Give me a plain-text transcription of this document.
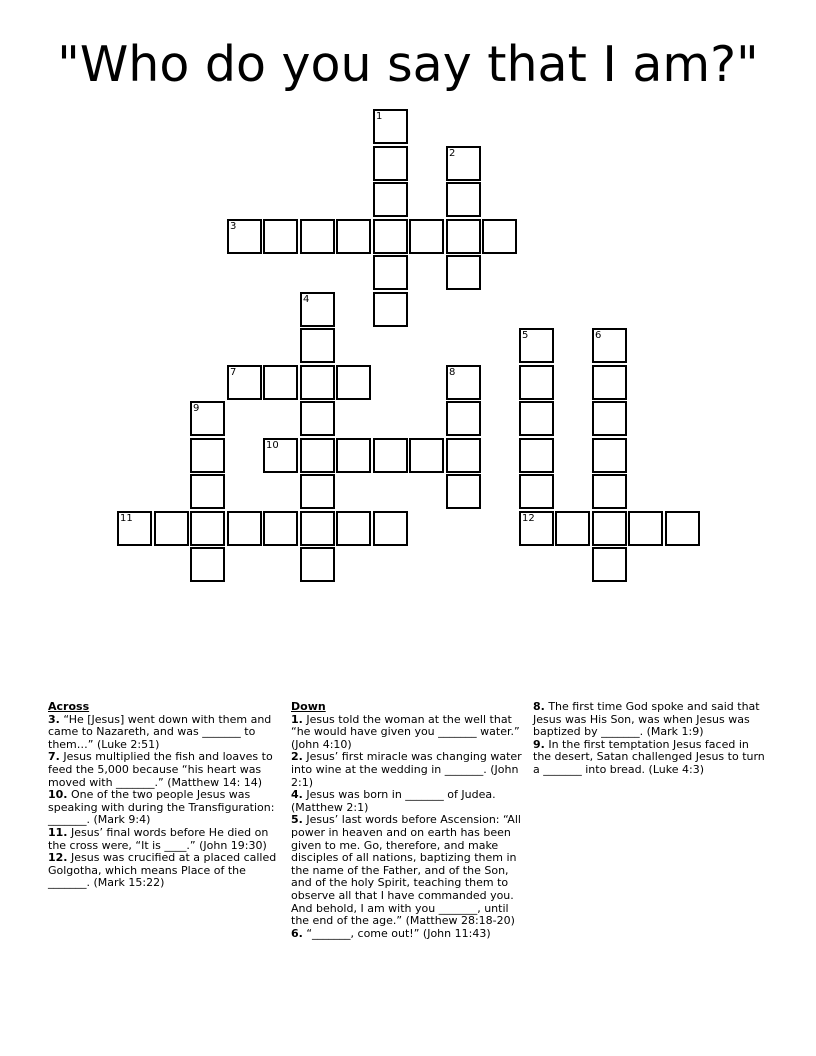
"Who do you say that I am?"
1
2
3
4
5	6
7	8
9
10
11	12

Across

3. “He [Jesus] went down with them and came to Nazareth, and was _______ to them…” (Luke 2:51)

7. Jesus multiplied the fish and loaves to feed the 5,000 because “his heart was moved with _______.” (Matthew 14: 14)

10. One of the two people Jesus was speaking with during the Transfiguration: _______. (Mark 9:4)

11. Jesus’ final words before He died on the cross were, “It is ____.” (John 19:30)

12. Jesus was crucified at a placed called Golgotha, which means Place of the _______. (Mark 15:22)

Down

1. Jesus told the woman at the well that “he would have given you _______ water.” (John 4:10)

2. Jesus’ first miracle was changing water into wine at the wedding in _______. (John 2:1)

4. Jesus was born in _______ of Judea. (Matthew 2:1)

5. Jesus’ last words before Ascension: “All power in heaven and on earth has been given to me. Go, therefore, and make disciples of all nations, baptizing them in the name of the Father, and of the Son, and of the holy Spirit, teaching them to observe all that I have commanded you. And behold, I am with you _______, until the end of the age.” (Matthew 28:18-20)

6. “_______, come out!” (John 11:43)

8. The first time God spoke and said that Jesus was His Son, was when Jesus was baptized by _______. (Mark 1:9)

9. In the first temptation Jesus faced in the desert, Satan challenged Jesus to turn a _______ into bread. (Luke 4:3)
